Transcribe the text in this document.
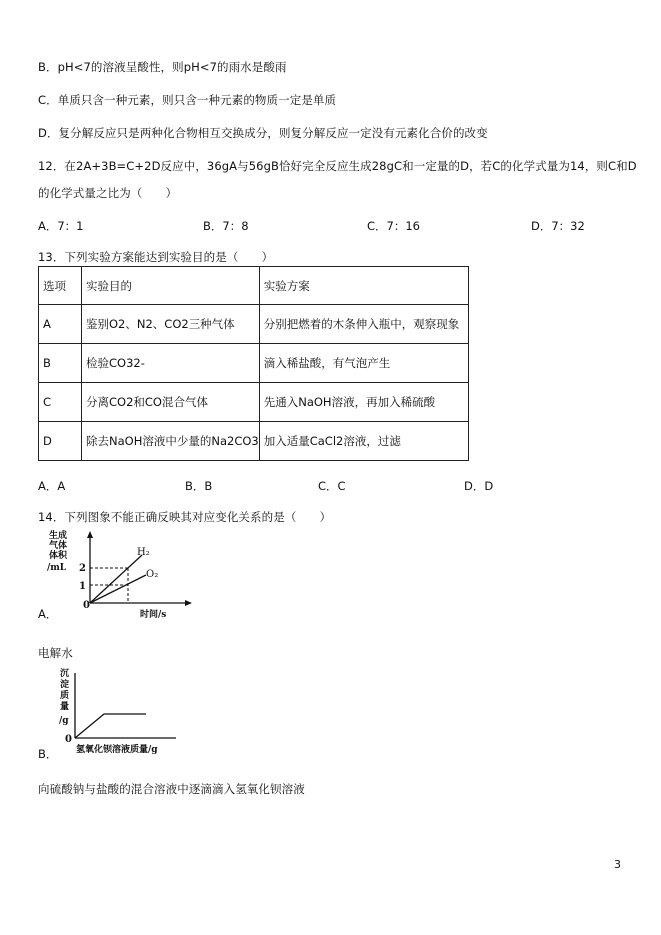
B．pH<7的溶液呈酸性，则pH<7的雨水是酸雨
C．单质只含一种元素，则只含一种元素的物质一定是单质
D．复分解反应只是两种化合物相互交换成分，则复分解反应一定没有元素化合价的改变
12．在2A+3B=C+2D反应中，36gA与56gB恰好完全反应生成28gC和一定量的D，若C的化学式量为14，则C和D
的化学式量之比为（　　）
A．7：1	B．7：8	C．7：16	D．7：32
13．下列实验方案能达到实验目的是（　　）
选项	实验目的	实验方案
A	鉴别O2、N2、CO2三种气体	分别把燃着的木条伸入瓶中，观察现象
B	检验CO32-	滴入稀盐酸，有气泡产生
C	分离CO2和CO混合气体	先通入NaOH溶液，再加入稀硫酸
D	除去NaOH溶液中少量的Na2CO3	加入适量CaCl2溶液，过滤
A．A	B．B	C．C	D．D
14．下列图象不能正确反映其对应变化关系的是（　　）
生成
气体
体积
/mL 2
1
0
H₂
O₂
时间/s
A．
电解水
沉
淀
质
量
/g
0
氢氧化钡溶液质量/g
B．
向硫酸钠与盐酸的混合溶液中逐滴滴入氢氧化钡溶液
3
